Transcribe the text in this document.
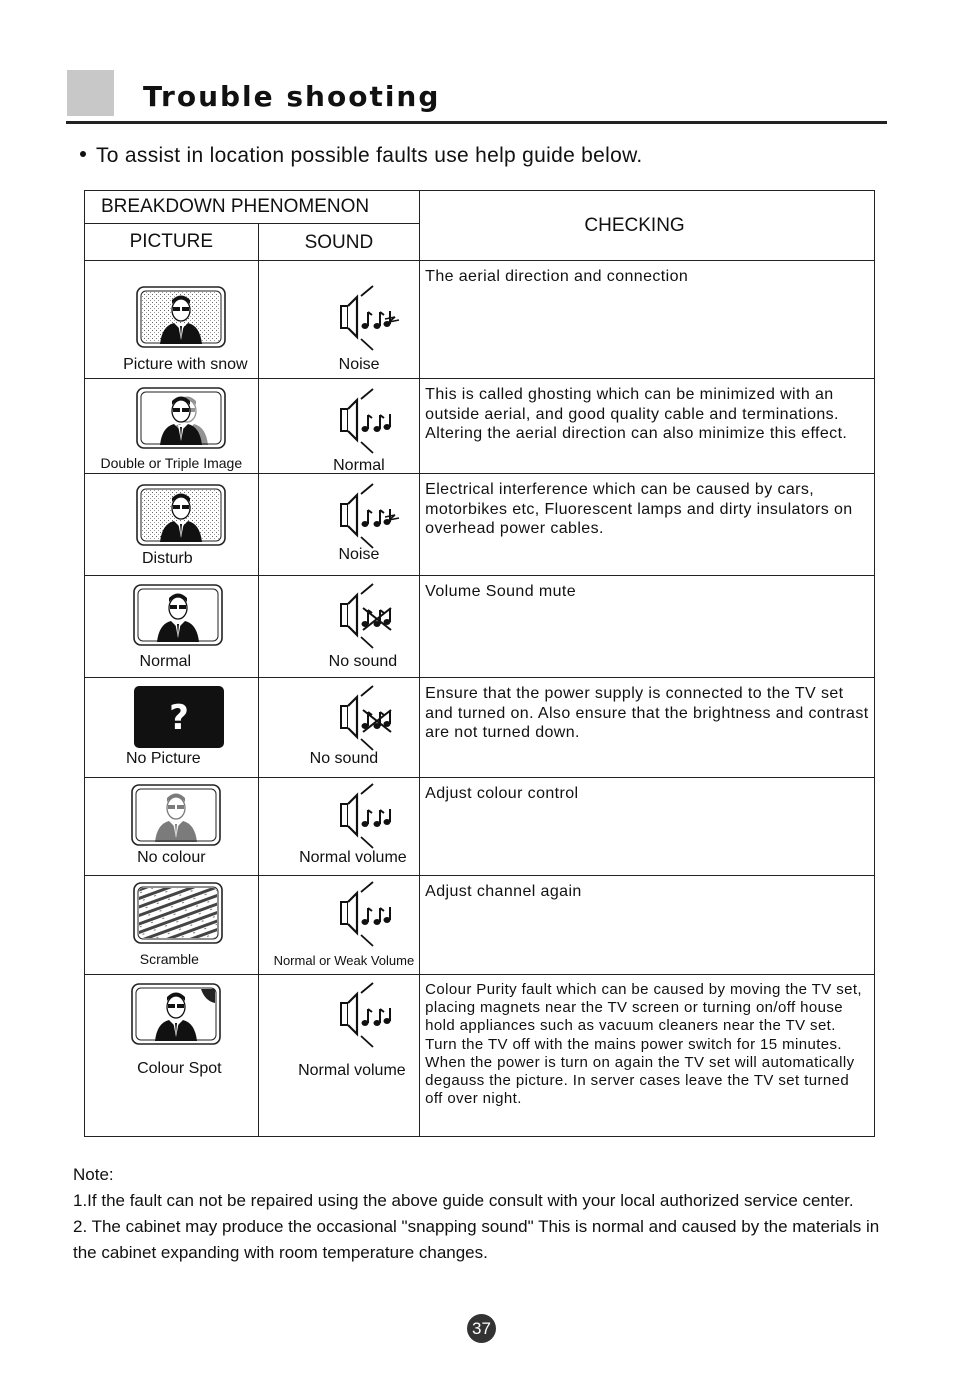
Trouble shooting
To assist in location possible faults use help guide below.
BREAKDOWN PHENOMENON		CHECKING
PICTURE	SOUND	

Picture with snow	Noise	The aerial direction and connection

Double or Triple Image	Normal	This is called ghosting which can be minimized with an outside aerial, and good quality cable and terminations. Altering the aerial direction can also minimize this effect.

Disturb	Noise	Electrical interference which can be caused by cars, motorbikes etc, Fluorescent lamps and dirty insulators on overhead power cables.

Normal	No sound	Volume Sound mute

?
No Picture	No sound	Ensure that the power supply is connected to the TV set and turned on. Also ensure that the brightness and contrast are not turned down.

No colour	Normal volume	Adjust colour control

Scramble	Normal or Weak Volume	Adjust channel again

Colour Spot	Normal volume	Colour Purity fault which can be caused by moving the TV set, placing magnets near the TV screen or turning on/off house hold appliances such as vacuum cleaners near the TV set. Turn the TV off with the mains power switch for 15 minutes. When the power is turn on again the TV set will automatically degauss the picture. In server cases leave the TV set turned off over night.
Note:
1.If the fault can not be repaired using the above guide consult with your local authorized service center.
2. The cabinet may produce the occasional "snapping sound" This is normal and caused by the materials in the cabinet expanding with room temperature changes.
37
